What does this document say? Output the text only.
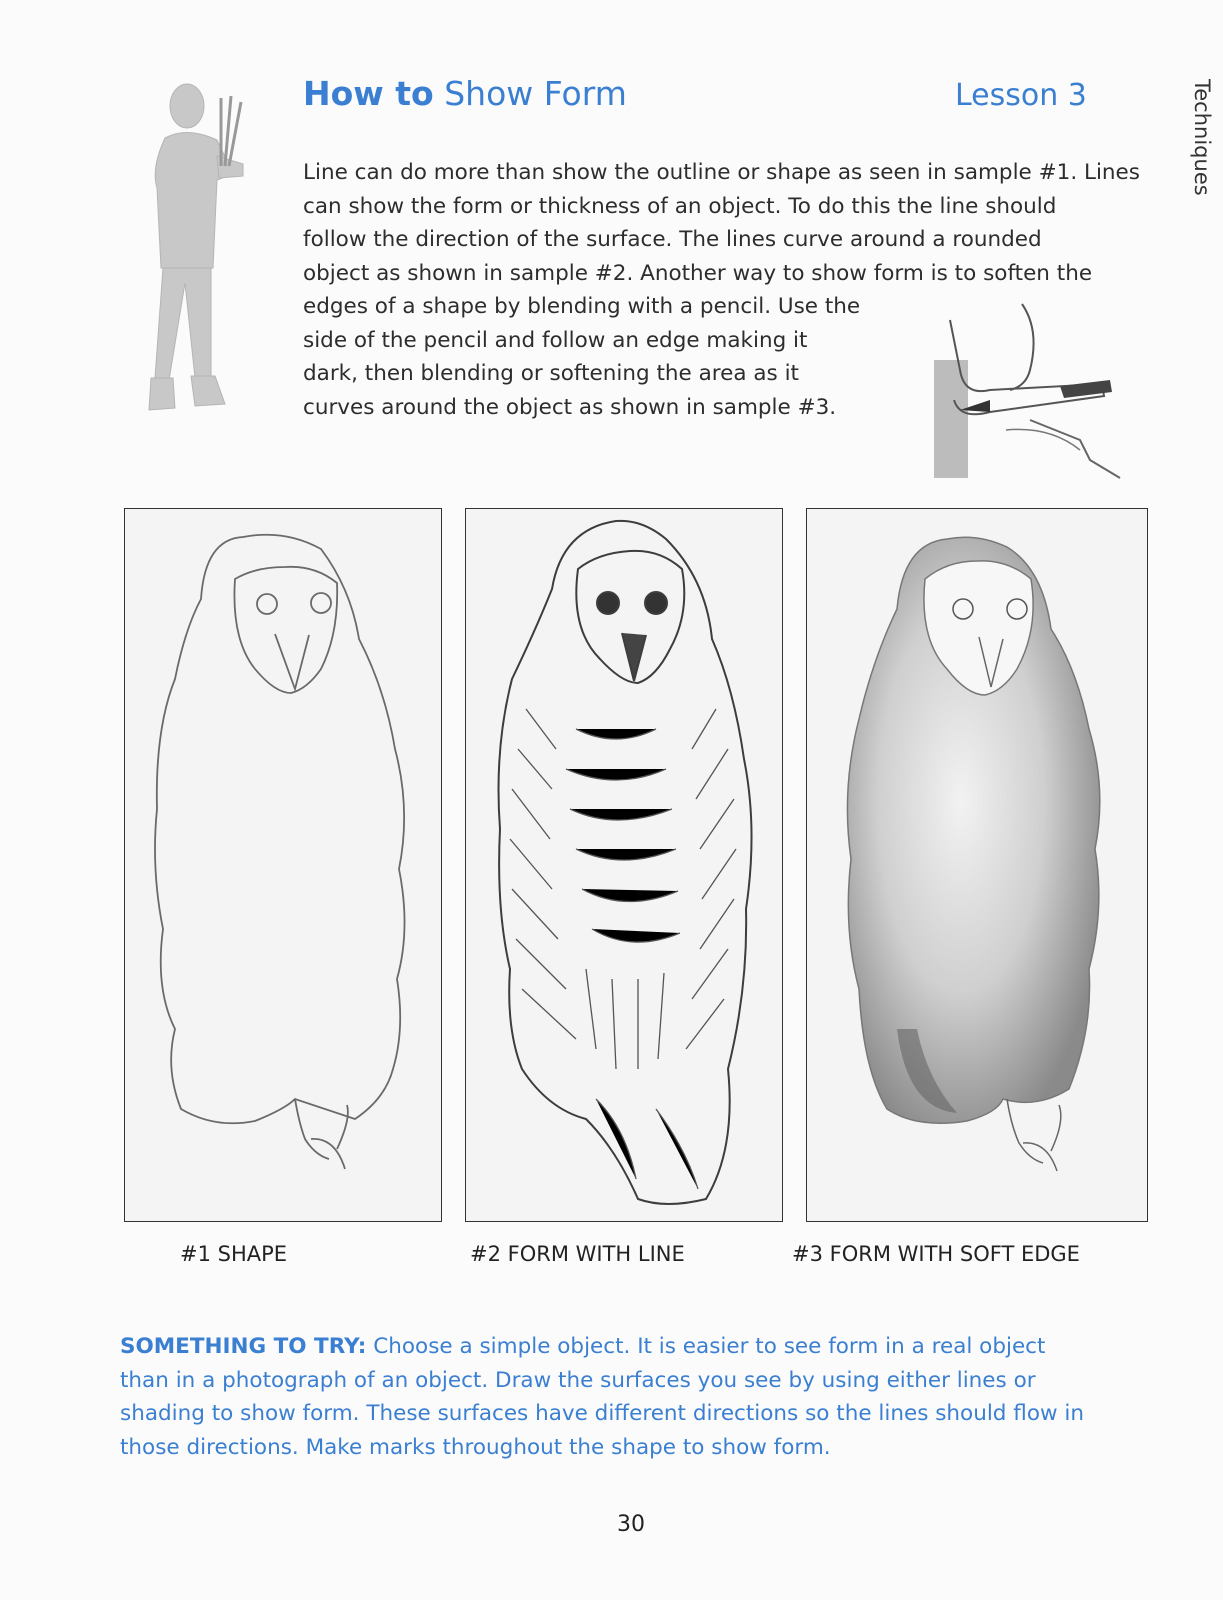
How to Show Form	Lesson 3	Techniques

Line can do more than show the outline or shape as seen in sample #1. Lines

can show the form or thickness of an object. To do this the line should

follow the direction of the surface. The lines curve around a rounded

object as shown in sample #2. Another way to show form is to soften the

edges of a shape by blending with a pencil. Use the

side of the pencil and follow an edge making it

dark, then blending or softening the area as it

curves around the object as shown in sample #3.

#1 SHAPE	#2 FORM WITH LINE	#3 FORM WITH SOFT EDGE

SOMETHING TO TRY: Choose a simple object. It is easier to see form in a real object

than in a photograph of an object. Draw the surfaces you see by using either lines or

shading to show form. These surfaces have different directions so the lines should flow in

those directions. Make marks throughout the shape to show form.

30
